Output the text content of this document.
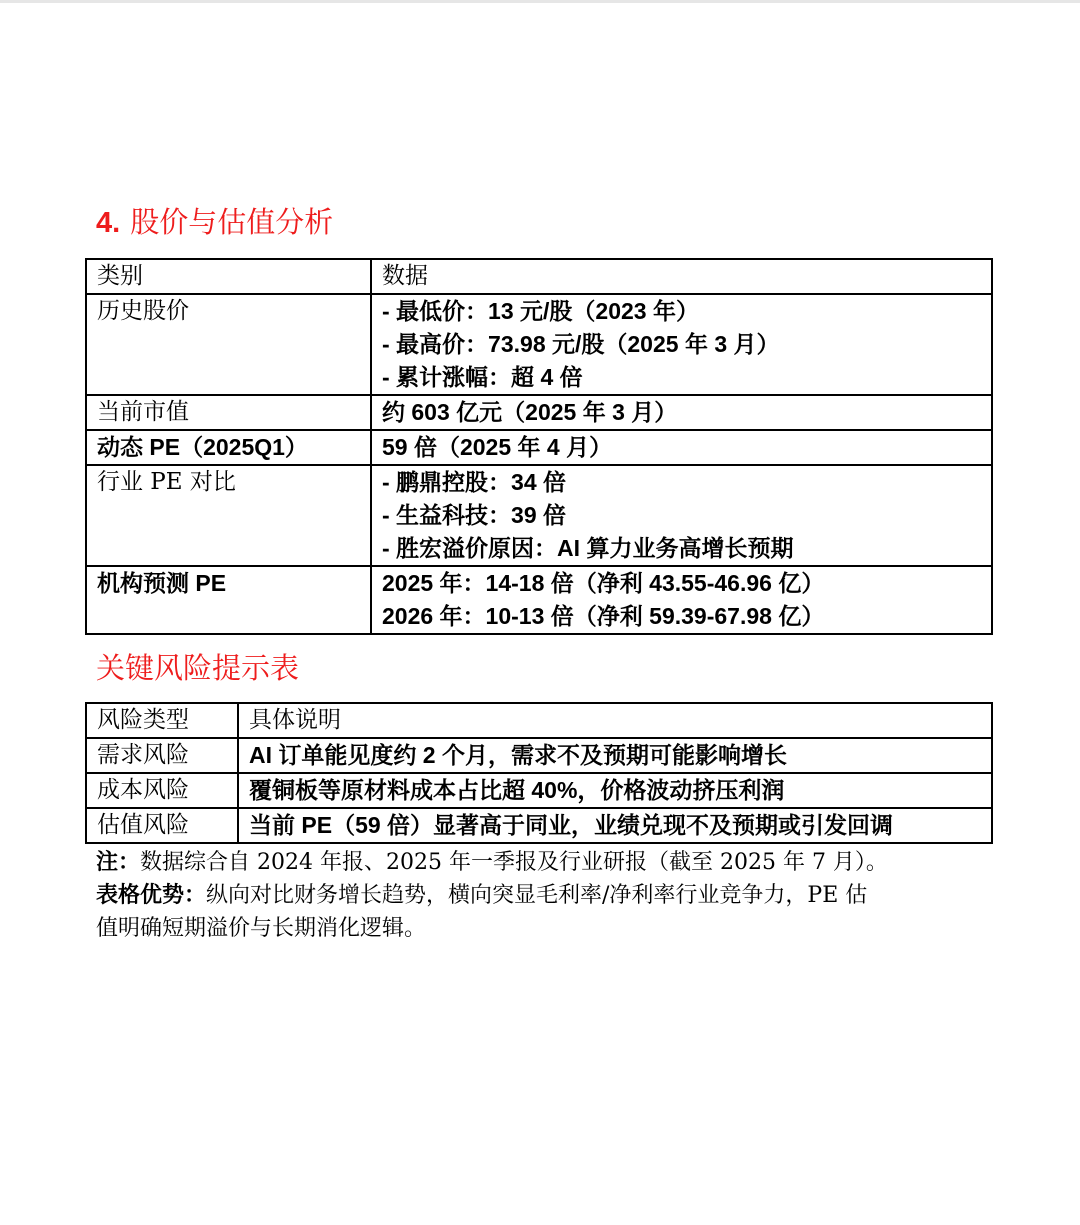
4. 股价与估值分析
类别	数据

历史股价	- 最低价：13 元/股（2023 年）
- 最高价：73.98 元/股（2025 年 3 月）
- 累计涨幅：超 4 倍

当前市值	约 603 亿元（2025 年 3 月）

动态 PE（2025Q1）	59 倍（2025 年 4 月）

行业 PE 对比	- 鹏鼎控股：34 倍
- 生益科技：39 倍
- 胜宏溢价原因：AI 算力业务高增长预期

机构预测 PE	2025 年：14-18 倍（净利 43.55-46.96 亿）
2026 年：10-13 倍（净利 59.39-67.98 亿）
关键风险提示表
风险类型	具体说明

需求风险	AI 订单能见度约 2 个月，需求不及预期可能影响增长

成本风险	覆铜板等原材料成本占比超 40%，价格波动挤压利润

估值风险	当前 PE（59 倍）显著高于同业，业绩兑现不及预期或引发回调
注：数据综合自 2024 年报、2025 年一季报及行业研报（截至 2025 年 7 月）。
表格优势：纵向对比财务增长趋势，横向突显毛利率/净利率行业竞争力，PE 估
值明确短期溢价与长期消化逻辑。
